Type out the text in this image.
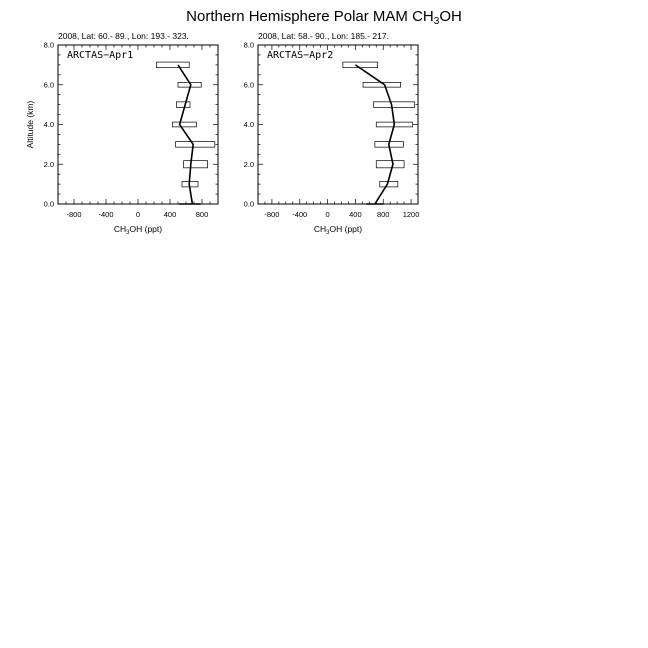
Northern Hemisphere Polar MAM $CH_3OH$
2008, Lat: 60.- 89., Lon: 193.- 323.
ARCTAS−Apr1
Altitude (km)
$CH_3OH$ (ppt)
-800 -400	0	400	800
0.0
2.0
4.0
6.0
8.0
2008, Lat: 58.- 90., Lon: 185.- 217.
ARCTAS−Apr2
$CH_3OH$ (ppt)
-800 -400 0	400 800 1200
0.0
2.0
4.0
6.0
8.0
